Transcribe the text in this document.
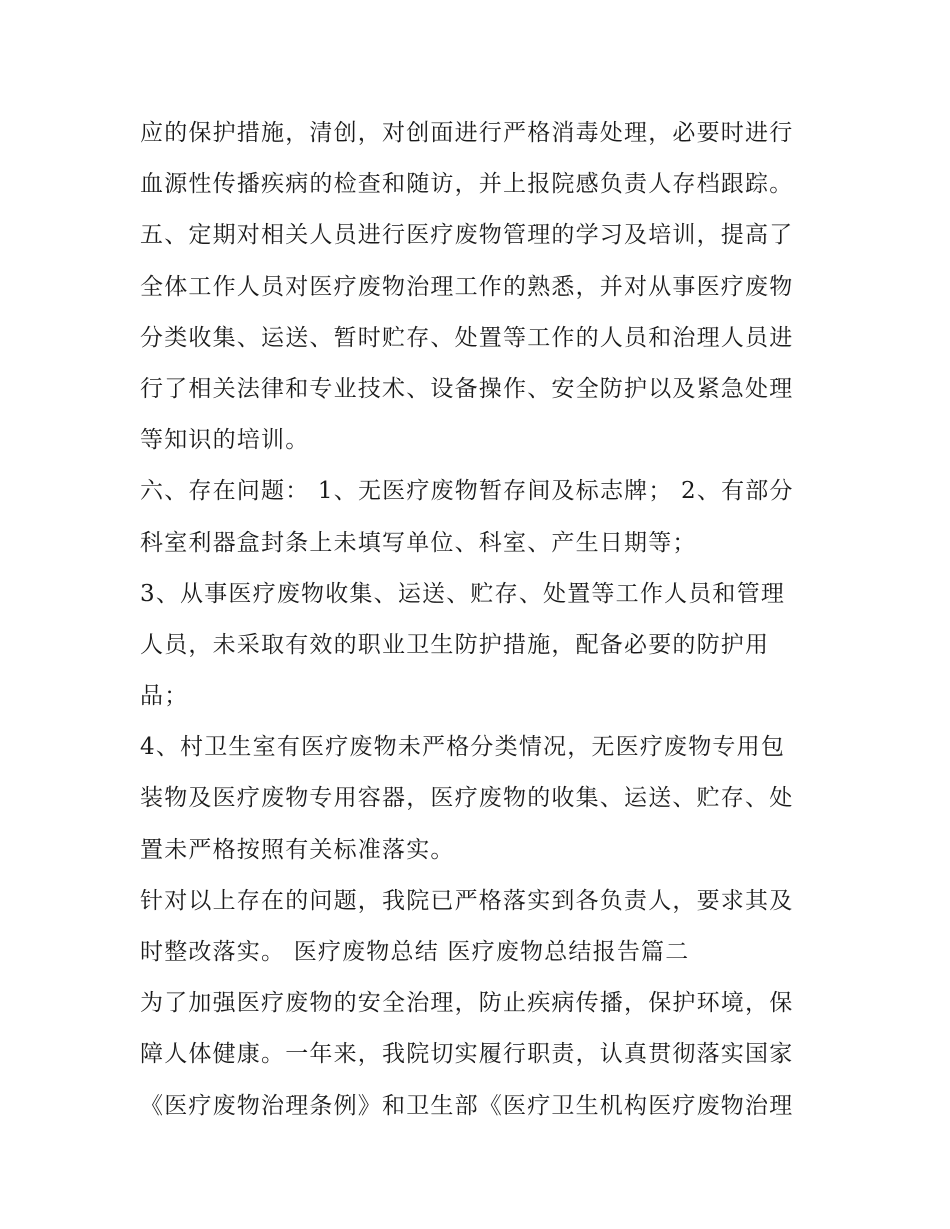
应的保护措施，清创，对创面进行严格消毒处理，必要时进行
血源性传播疾病的检查和随访，并上报院感负责人存档跟踪。
五、定期对相关人员进行医疗废物管理的学习及培训，提高了
全体工作人员对医疗废物治理工作的熟悉，并对从事医疗废物
分类收集、运送、暂时贮存、处置等工作的人员和治理人员进
行了相关法律和专业技术、设备操作、安全防护以及紧急处理
等知识的培训。
六、存在问题： 1、无医疗废物暂存间及标志牌； 2、有部分
科室利器盒封条上未填写单位、科室、产生日期等；
3、从事医疗废物收集、运送、贮存、处置等工作人员和管理
人员，未采取有效的职业卫生防护措施，配备必要的防护用
品；
4、村卫生室有医疗废物未严格分类情况，无医疗废物专用包
装物及医疗废物专用容器，医疗废物的收集、运送、贮存、处
置未严格按照有关标准落实。
针对以上存在的问题，我院已严格落实到各负责人，要求其及
时整改落实。 医疗废物总结 医疗废物总结报告篇二
为了加强医疗废物的安全治理，防止疾病传播，保护环境，保
障人体健康。一年来，我院切实履行职责，认真贯彻落实国家
《医疗废物治理条例》和卫生部《医疗卫生机构医疗废物治理
